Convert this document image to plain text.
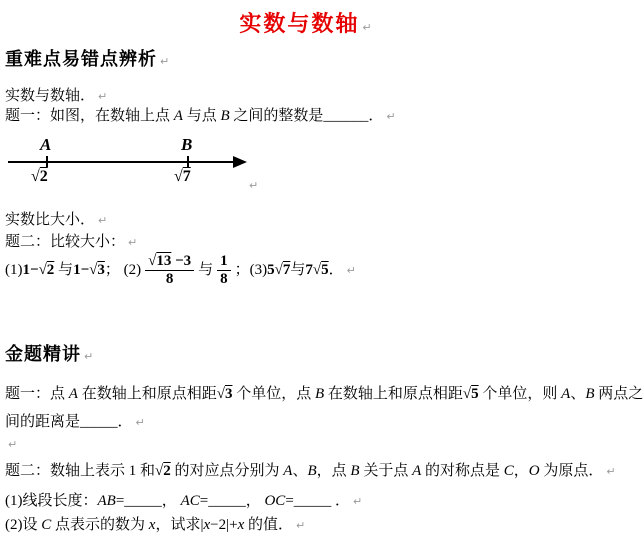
实数与数轴 ↵
重难点易错点辨析 ↵
实数与数轴． ↵
题一：如图，在数轴上点 A 与点 B 之间的整数是______． ↵
A	B
√2	√7
↵
实数比大小． ↵
题二：比较大小： ↵
(1)1−√2 与1−√3； $(2) \frac{√13 -3}{8}$ 与 $\frac{1}{8}$ ；(3)5√7与7√5． ↵
金题精讲 ↵
题一：点 A 在数轴上和原点相距√3 个单位，点 B 在数轴上和原点相距√5 个单位，则 A、B 两点之
间的距离是_____． ↵
↵
题二：数轴上表示 1 和√2 的对应点分别为 A、B，点 B 关于点 A 的对称点是 C，O 为原点． ↵
(1)线段长度：AB=_____， AC=_____， OC=_____ ． ↵
(2)设 C 点表示的数为 x，试求|x−2|+x 的值． ↵
